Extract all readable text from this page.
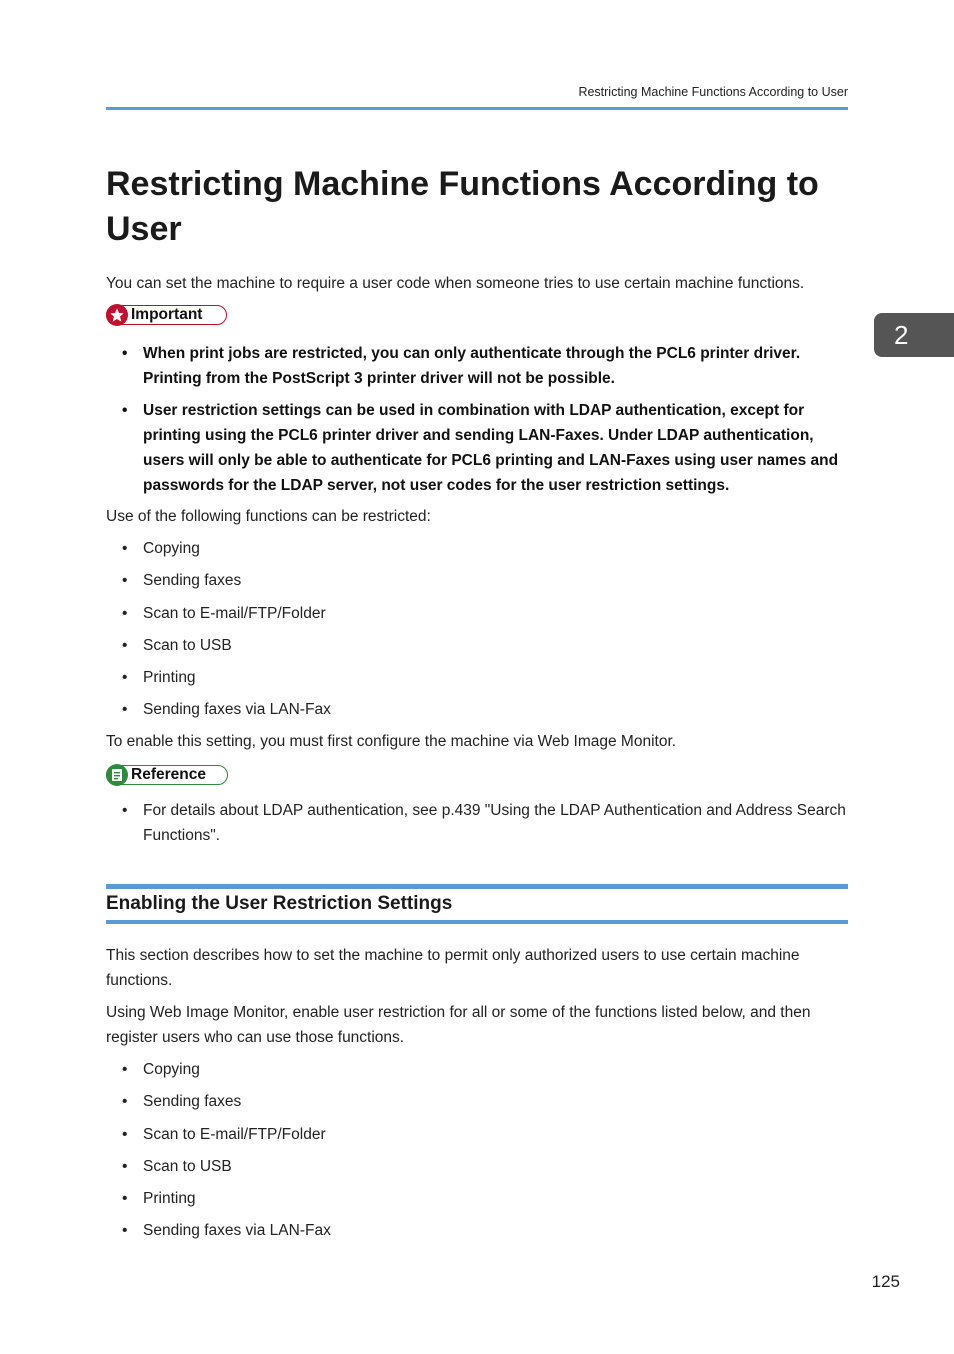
Restricting Machine Functions According to User
Restricting Machine Functions According to User

You can set the machine to require a user code when someone tries to use certain machine functions.

Important
• When print jobs are restricted, you can only authenticate through the PCL6 printer driver. Printing from the PostScript 3 printer driver will not be possible.
• User restriction settings can be used in combination with LDAP authentication, except for printing using the PCL6 printer driver and sending LAN-Faxes. Under LDAP authentication, users will only be able to authenticate for PCL6 printing and LAN-Faxes using user names and passwords for the LDAP server, not user codes for the user restriction settings.

Use of the following functions can be restricted:

• Copying
• Sending faxes
• Scan to E-mail/FTP/Folder
• Scan to USB
• Printing
• Sending faxes via LAN-Fax

To enable this setting, you must first configure the machine via Web Image Monitor.

Reference
• For details about LDAP authentication, see p.439 "Using the LDAP Authentication and Address Search Functions".
Enabling the User Restriction Settings

This section describes how to set the machine to permit only authorized users to use certain machine functions.

Using Web Image Monitor, enable user restriction for all or some of the functions listed below, and then register users who can use those functions.

• Copying
• Sending faxes
• Scan to E-mail/FTP/Folder
• Scan to USB
• Printing
• Sending faxes via LAN-Fax
2
125
